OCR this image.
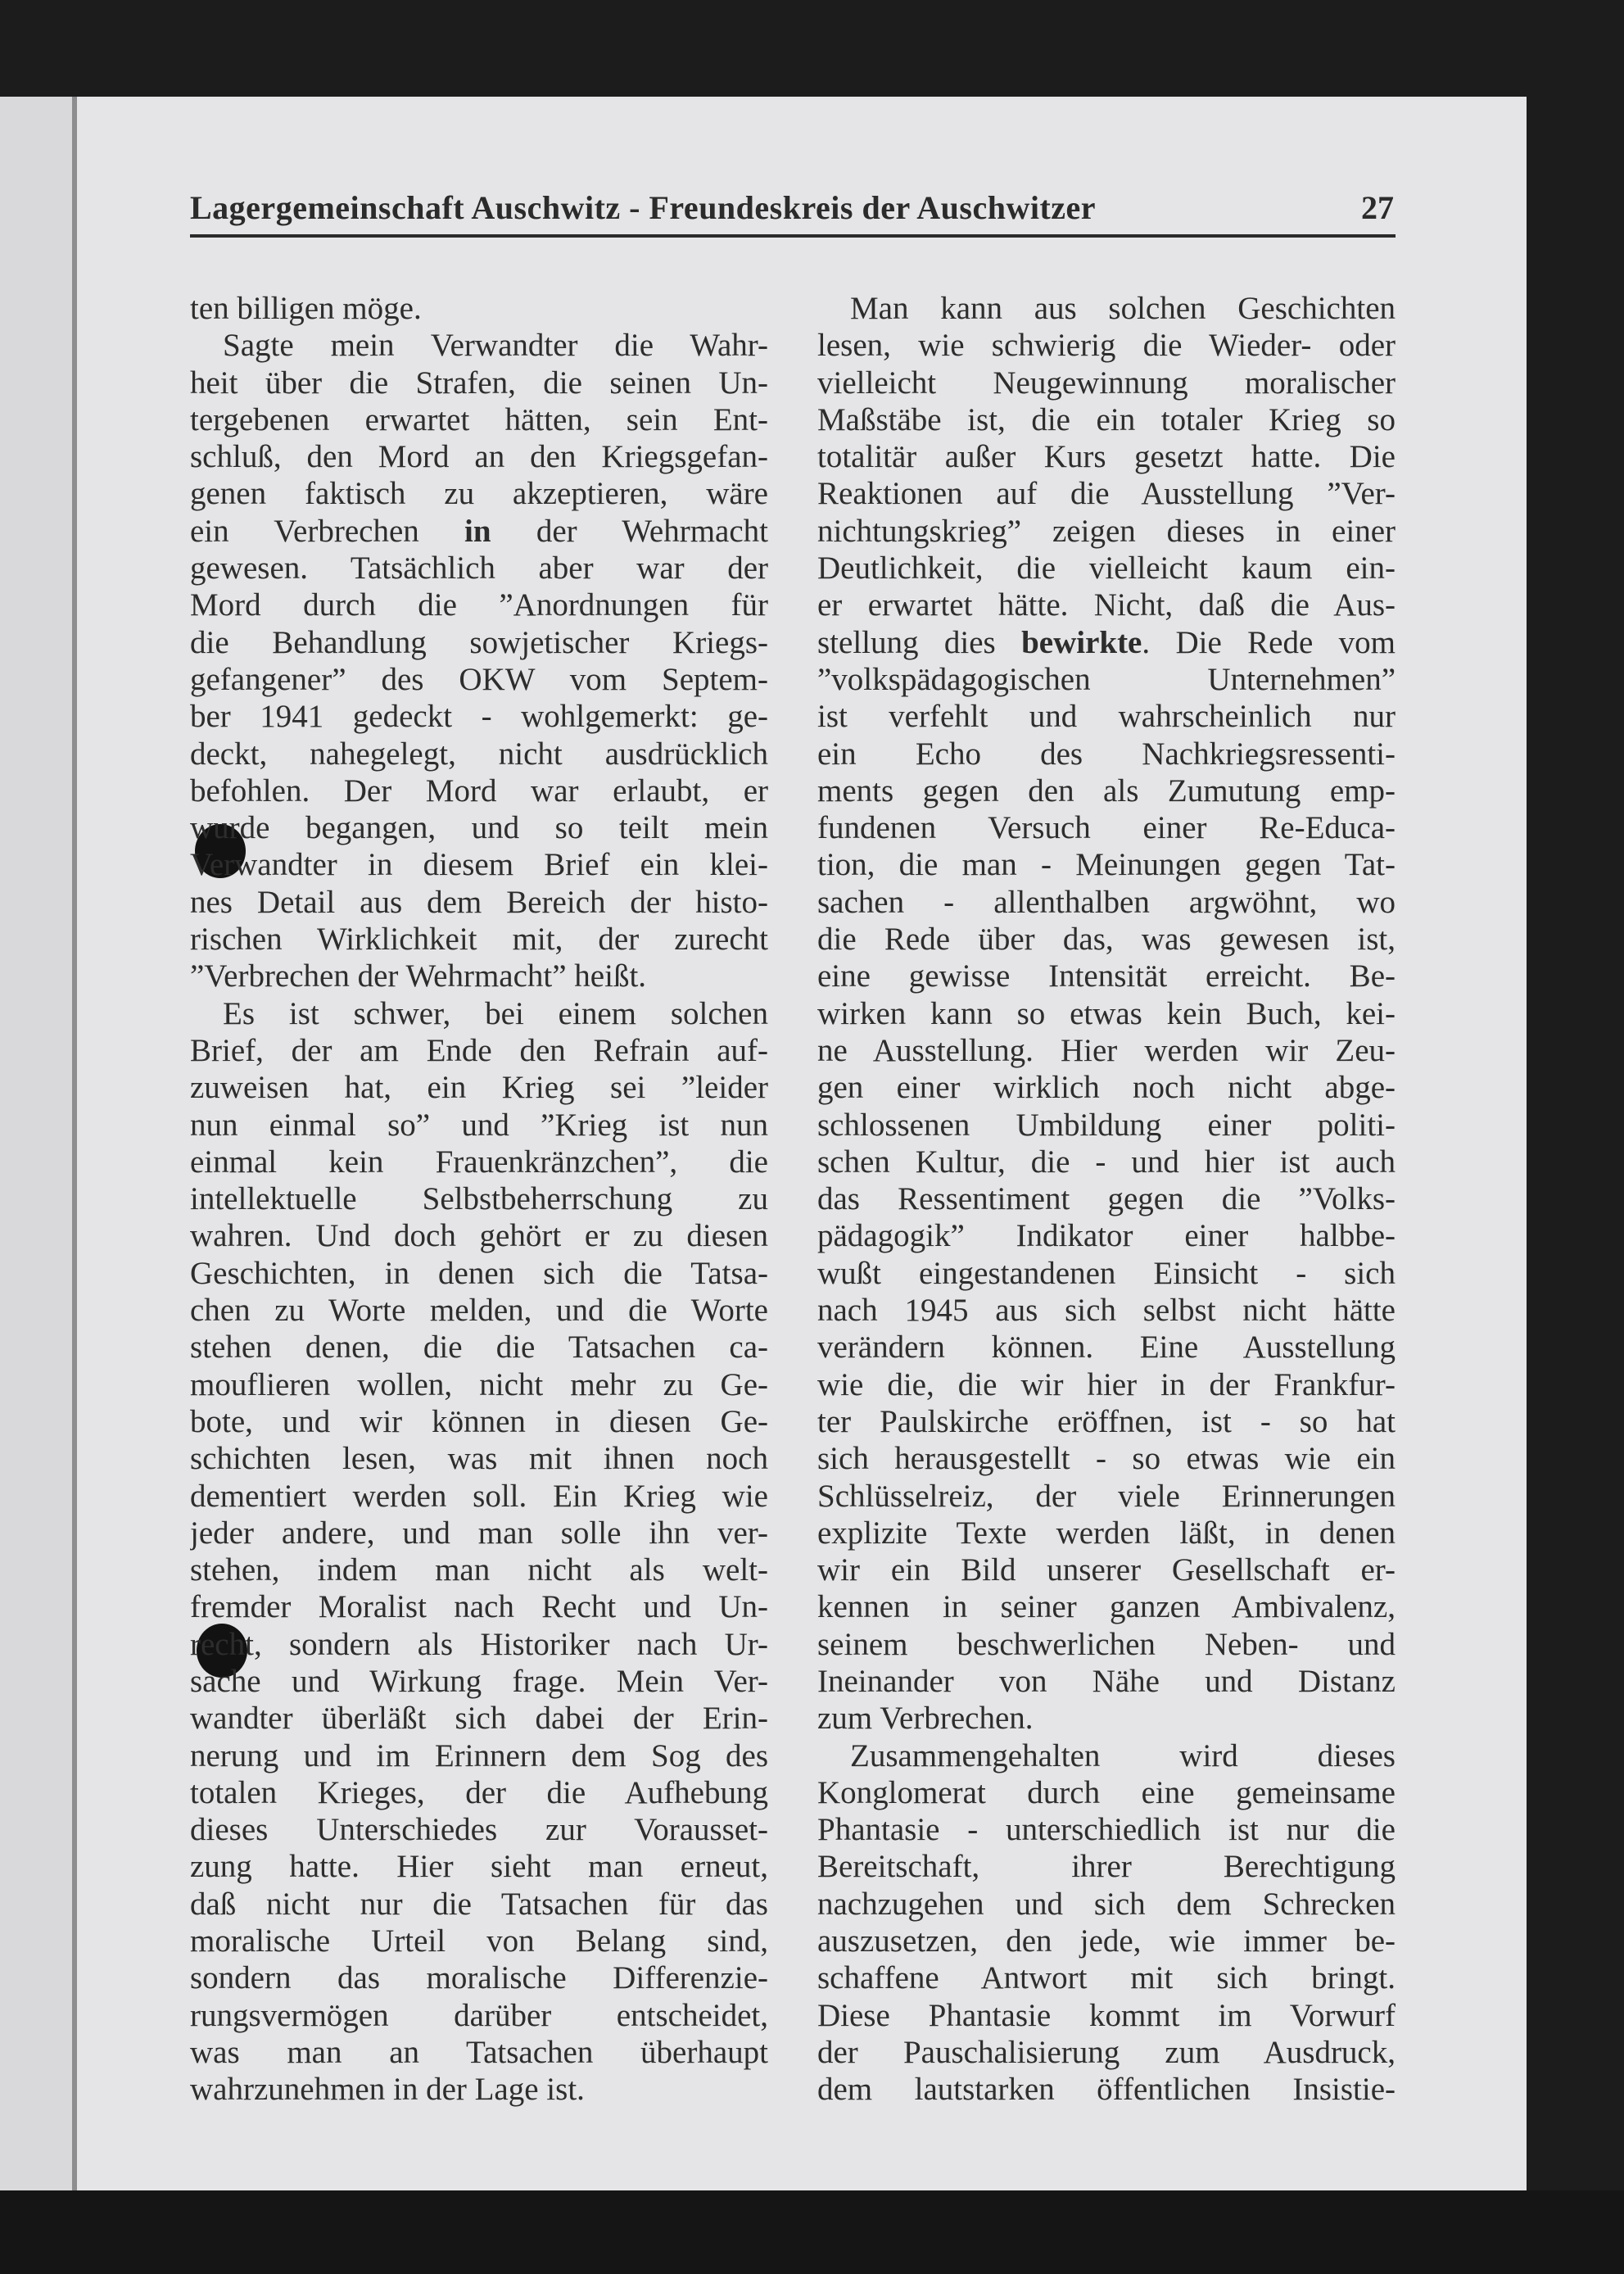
Lagergemeinschaft Auschwitz - Freundeskreis der Auschwitzer	27
ten billigen möge.
Sagte mein Verwandter die Wahr-
heit über die Strafen, die seinen Un-
tergebenen erwartet hätten, sein Ent-
schluß, den Mord an den Kriegsgefan-
genen faktisch zu akzeptieren, wäre
ein Verbrechen in der Wehrmacht
gewesen. Tatsächlich aber war der
Mord durch die ”Anordnungen für
die Behandlung sowjetischer Kriegs-
gefangener” des OKW vom Septem-
ber 1941 gedeckt - wohlgemerkt: ge-
deckt, nahegelegt, nicht ausdrücklich
befohlen. Der Mord war erlaubt, er
wurde begangen, und so teilt mein
Verwandter in diesem Brief ein klei-
nes Detail aus dem Bereich der histo-
rischen Wirklichkeit mit, der zurecht
”Verbrechen der Wehrmacht” heißt.
Es ist schwer, bei einem solchen
Brief, der am Ende den Refrain auf-
zuweisen hat, ein Krieg sei ”leider
nun einmal so” und ”Krieg ist nun
einmal kein Frauenkränzchen”, die
intellektuelle Selbstbeherrschung zu
wahren. Und doch gehört er zu diesen
Geschichten, in denen sich die Tatsa-
chen zu Worte melden, und die Worte
stehen denen, die die Tatsachen ca-
mouflieren wollen, nicht mehr zu Ge-
bote, und wir können in diesen Ge-
schichten lesen, was mit ihnen noch
dementiert werden soll. Ein Krieg wie
jeder andere, und man solle ihn ver-
stehen, indem man nicht als welt-
fremder Moralist nach Recht und Un-
recht, sondern als Historiker nach Ur-
sache und Wirkung frage. Mein Ver-
wandter überläßt sich dabei der Erin-
nerung und im Erinnern dem Sog des
totalen Krieges, der die Aufhebung
dieses Unterschiedes zur Vorausset-
zung hatte. Hier sieht man erneut,
daß nicht nur die Tatsachen für das
moralische Urteil von Belang sind,
sondern das moralische Differenzie-
rungsvermögen darüber entscheidet,
was man an Tatsachen überhaupt
wahrzunehmen in der Lage ist.
Man kann aus solchen Geschichten
lesen, wie schwierig die Wieder- oder
vielleicht Neugewinnung moralischer
Maßstäbe ist, die ein totaler Krieg so
totalitär außer Kurs gesetzt hatte. Die
Reaktionen auf die Ausstellung ”Ver-
nichtungskrieg” zeigen dieses in einer
Deutlichkeit, die vielleicht kaum ein-
er erwartet hätte. Nicht, daß die Aus-
stellung dies bewirkte. Die Rede vom
”volkspädagogischen Unternehmen”
ist verfehlt und wahrscheinlich nur
ein Echo des Nachkriegsressenti-
ments gegen den als Zumutung emp-
fundenen Versuch einer Re-Educa-
tion, die man - Meinungen gegen Tat-
sachen - allenthalben argwöhnt, wo
die Rede über das, was gewesen ist,
eine gewisse Intensität erreicht. Be-
wirken kann so etwas kein Buch, kei-
ne Ausstellung. Hier werden wir Zeu-
gen einer wirklich noch nicht abge-
schlossenen Umbildung einer politi-
schen Kultur, die - und hier ist auch
das Ressentiment gegen die ”Volks-
pädagogik” Indikator einer halbbe-
wußt eingestandenen Einsicht - sich
nach 1945 aus sich selbst nicht hätte
verändern können. Eine Ausstellung
wie die, die wir hier in der Frankfur-
ter Paulskirche eröffnen, ist - so hat
sich herausgestellt - so etwas wie ein
Schlüsselreiz, der viele Erinnerungen
explizite Texte werden läßt, in denen
wir ein Bild unserer Gesellschaft er-
kennen in seiner ganzen Ambivalenz,
seinem beschwerlichen Neben- und
Ineinander von Nähe und Distanz
zum Verbrechen.
Zusammengehalten wird dieses
Konglomerat durch eine gemeinsame
Phantasie - unterschiedlich ist nur die
Bereitschaft, ihrer Berechtigung
nachzugehen und sich dem Schrecken
auszusetzen, den jede, wie immer be-
schaffene Antwort mit sich bringt.
Diese Phantasie kommt im Vorwurf
der Pauschalisierung zum Ausdruck,
dem lautstarken öffentlichen Insistie-
